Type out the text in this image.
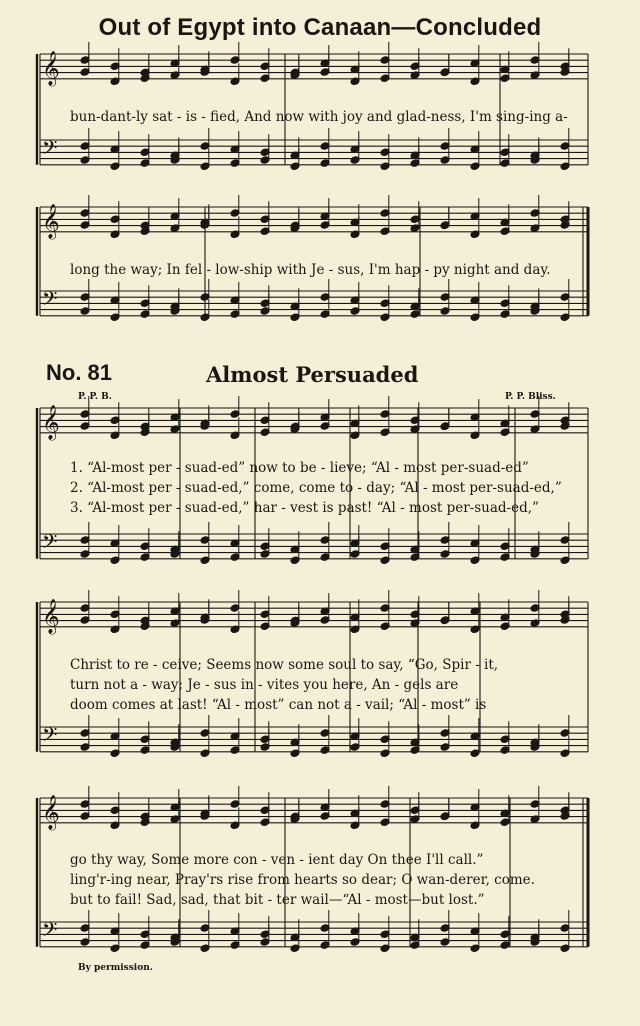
Out of Egypt into Canaan—Concluded
𝄞
𝄢
𝄞
𝄢
𝄞
𝄢
𝄞
𝄢
𝄞
𝄢
bun-dant-ly sat - is - fied, And now with joy and glad-ness, I'm sing-ing a-
long the way; In fel - low-ship with Je - sus, I'm hap - py night and day.
No. 81	Almost Persuaded
P. P. B.	P. P. Bliss.
1. “Al-most per - suad-ed” now to be - lieve; “Al - most per-suad-ed”
2. “Al-most per - suad-ed,” come, come to - day; “Al - most per-suad-ed,”
3. “Al-most per - suad-ed,” har - vest is past! “Al - most per-suad-ed,”
Christ to re - ceive; Seems now some soul to say, “Go, Spir - it,
turn not a - way; Je - sus in - vites you here, An - gels are
doom comes at last! “Al - most” can not a - vail; “Al - most” is
go thy way, Some more con - ven - ient day On thee I'll call.”
ling'r-ing near, Pray'rs rise from hearts so dear; O wan-derer, come.
but to fail! Sad, sad, that bit - ter wail—“Al - most—but lost.”
By permission.
